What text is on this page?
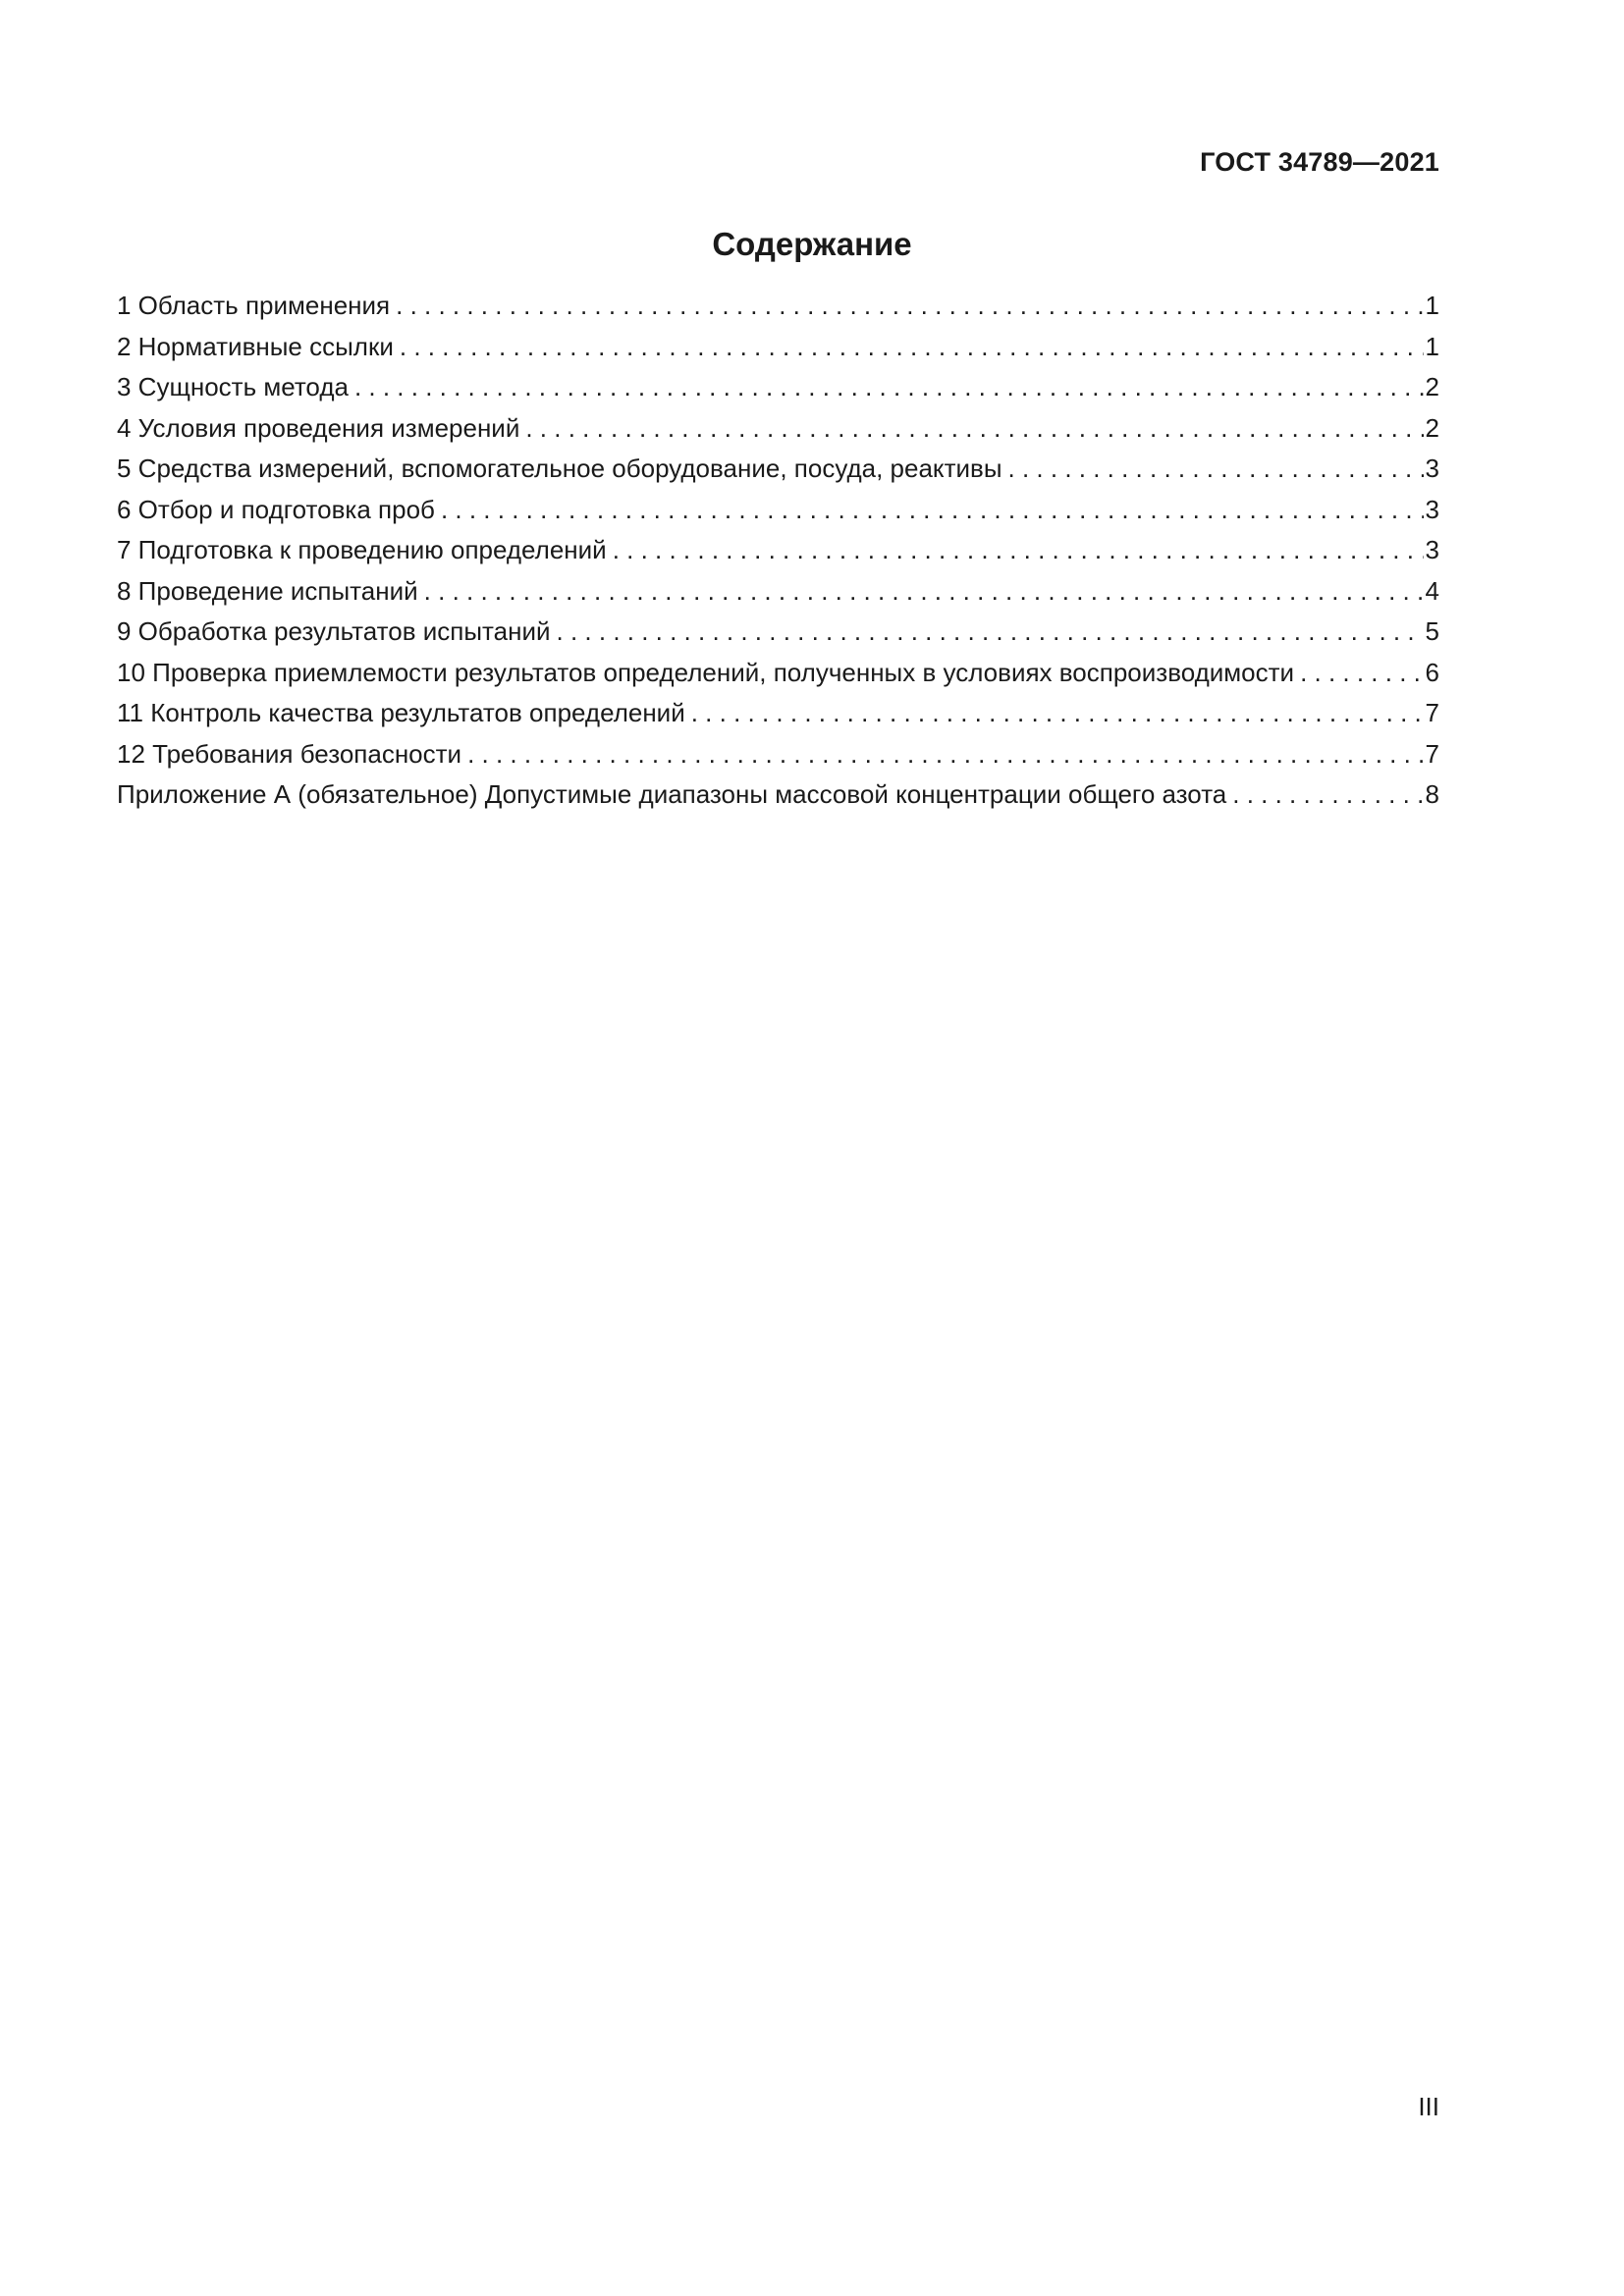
ГОСТ 34789—2021
Содержание
1 Область применения . . .	1
2 Нормативные ссылки . . .	1
3 Сущность метода . . .	2
4 Условия проведения измерений . . .	2
5 Средства измерений, вспомогательное оборудование, посуда, реактивы . . .	3
6 Отбор и подготовка проб . . .	3
7 Подготовка к проведению определений . . .	3
8 Проведение испытаний . . .	4
9 Обработка результатов испытаний . . .	5
10 Проверка приемлемости результатов определений, полученных в условиях воспроизводимости . . .	6
11 Контроль качества результатов определений . . .	7
12 Требования безопасности . . .	7
Приложение А (обязательное) Допустимые диапазоны массовой концентрации общего азота . . .	8
III
